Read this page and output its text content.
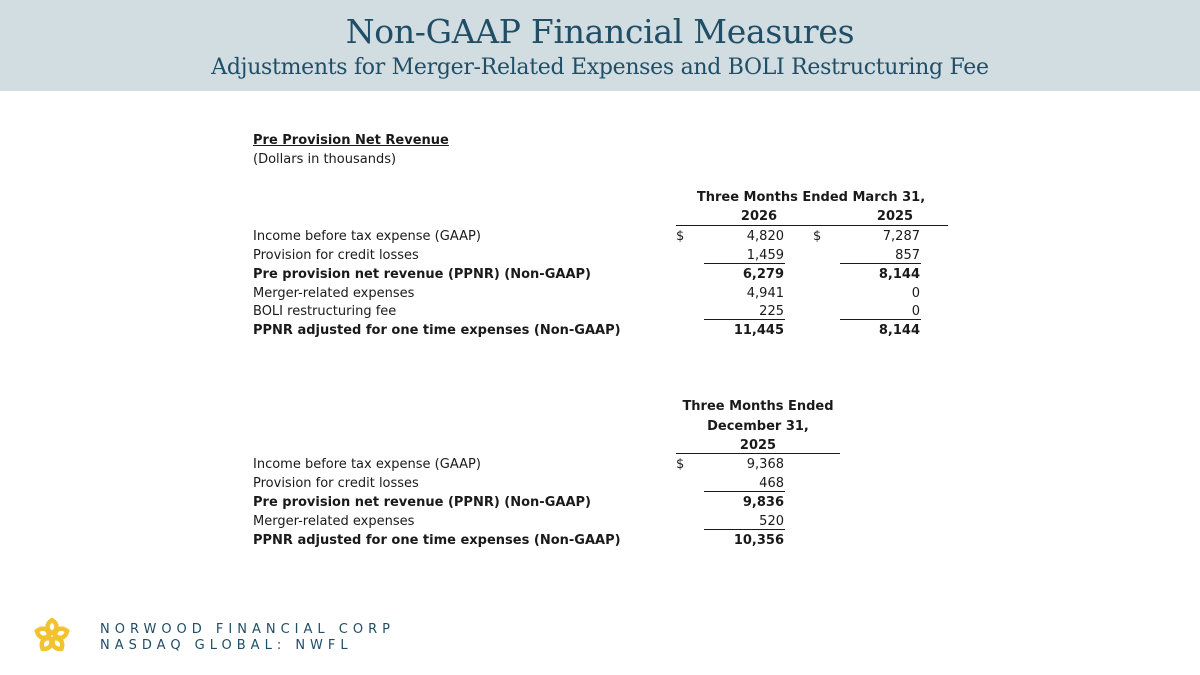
Non-GAAP Financial Measures
Adjustments for Merger-Related Expenses and BOLI Restructuring Fee
Pre Provision Net Revenue
(Dollars in thousands)
Three Months Ended March 31,
2026	2025
Income before tax expense (GAAP)	$	4,820 $	7,287
Provision for credit losses	1,459	857
Pre provision net revenue (PPNR) (Non-GAAP)	6,279	8,144
Merger-related expenses	4,941	0
BOLI restructuring fee	225	0
PPNR adjusted for one time expenses (Non-GAAP)	11,445	8,144
Three Months Ended
December 31,
2025
Income before tax expense (GAAP)	$	9,368
Provision for credit losses	468
Pre provision net revenue (PPNR) (Non-GAAP)	9,836
Merger-related expenses	520
PPNR adjusted for one time expenses (Non-GAAP)	10,356
NORWOOD FINANCIAL CORP
NASDAQ GLOBAL: NWFL
